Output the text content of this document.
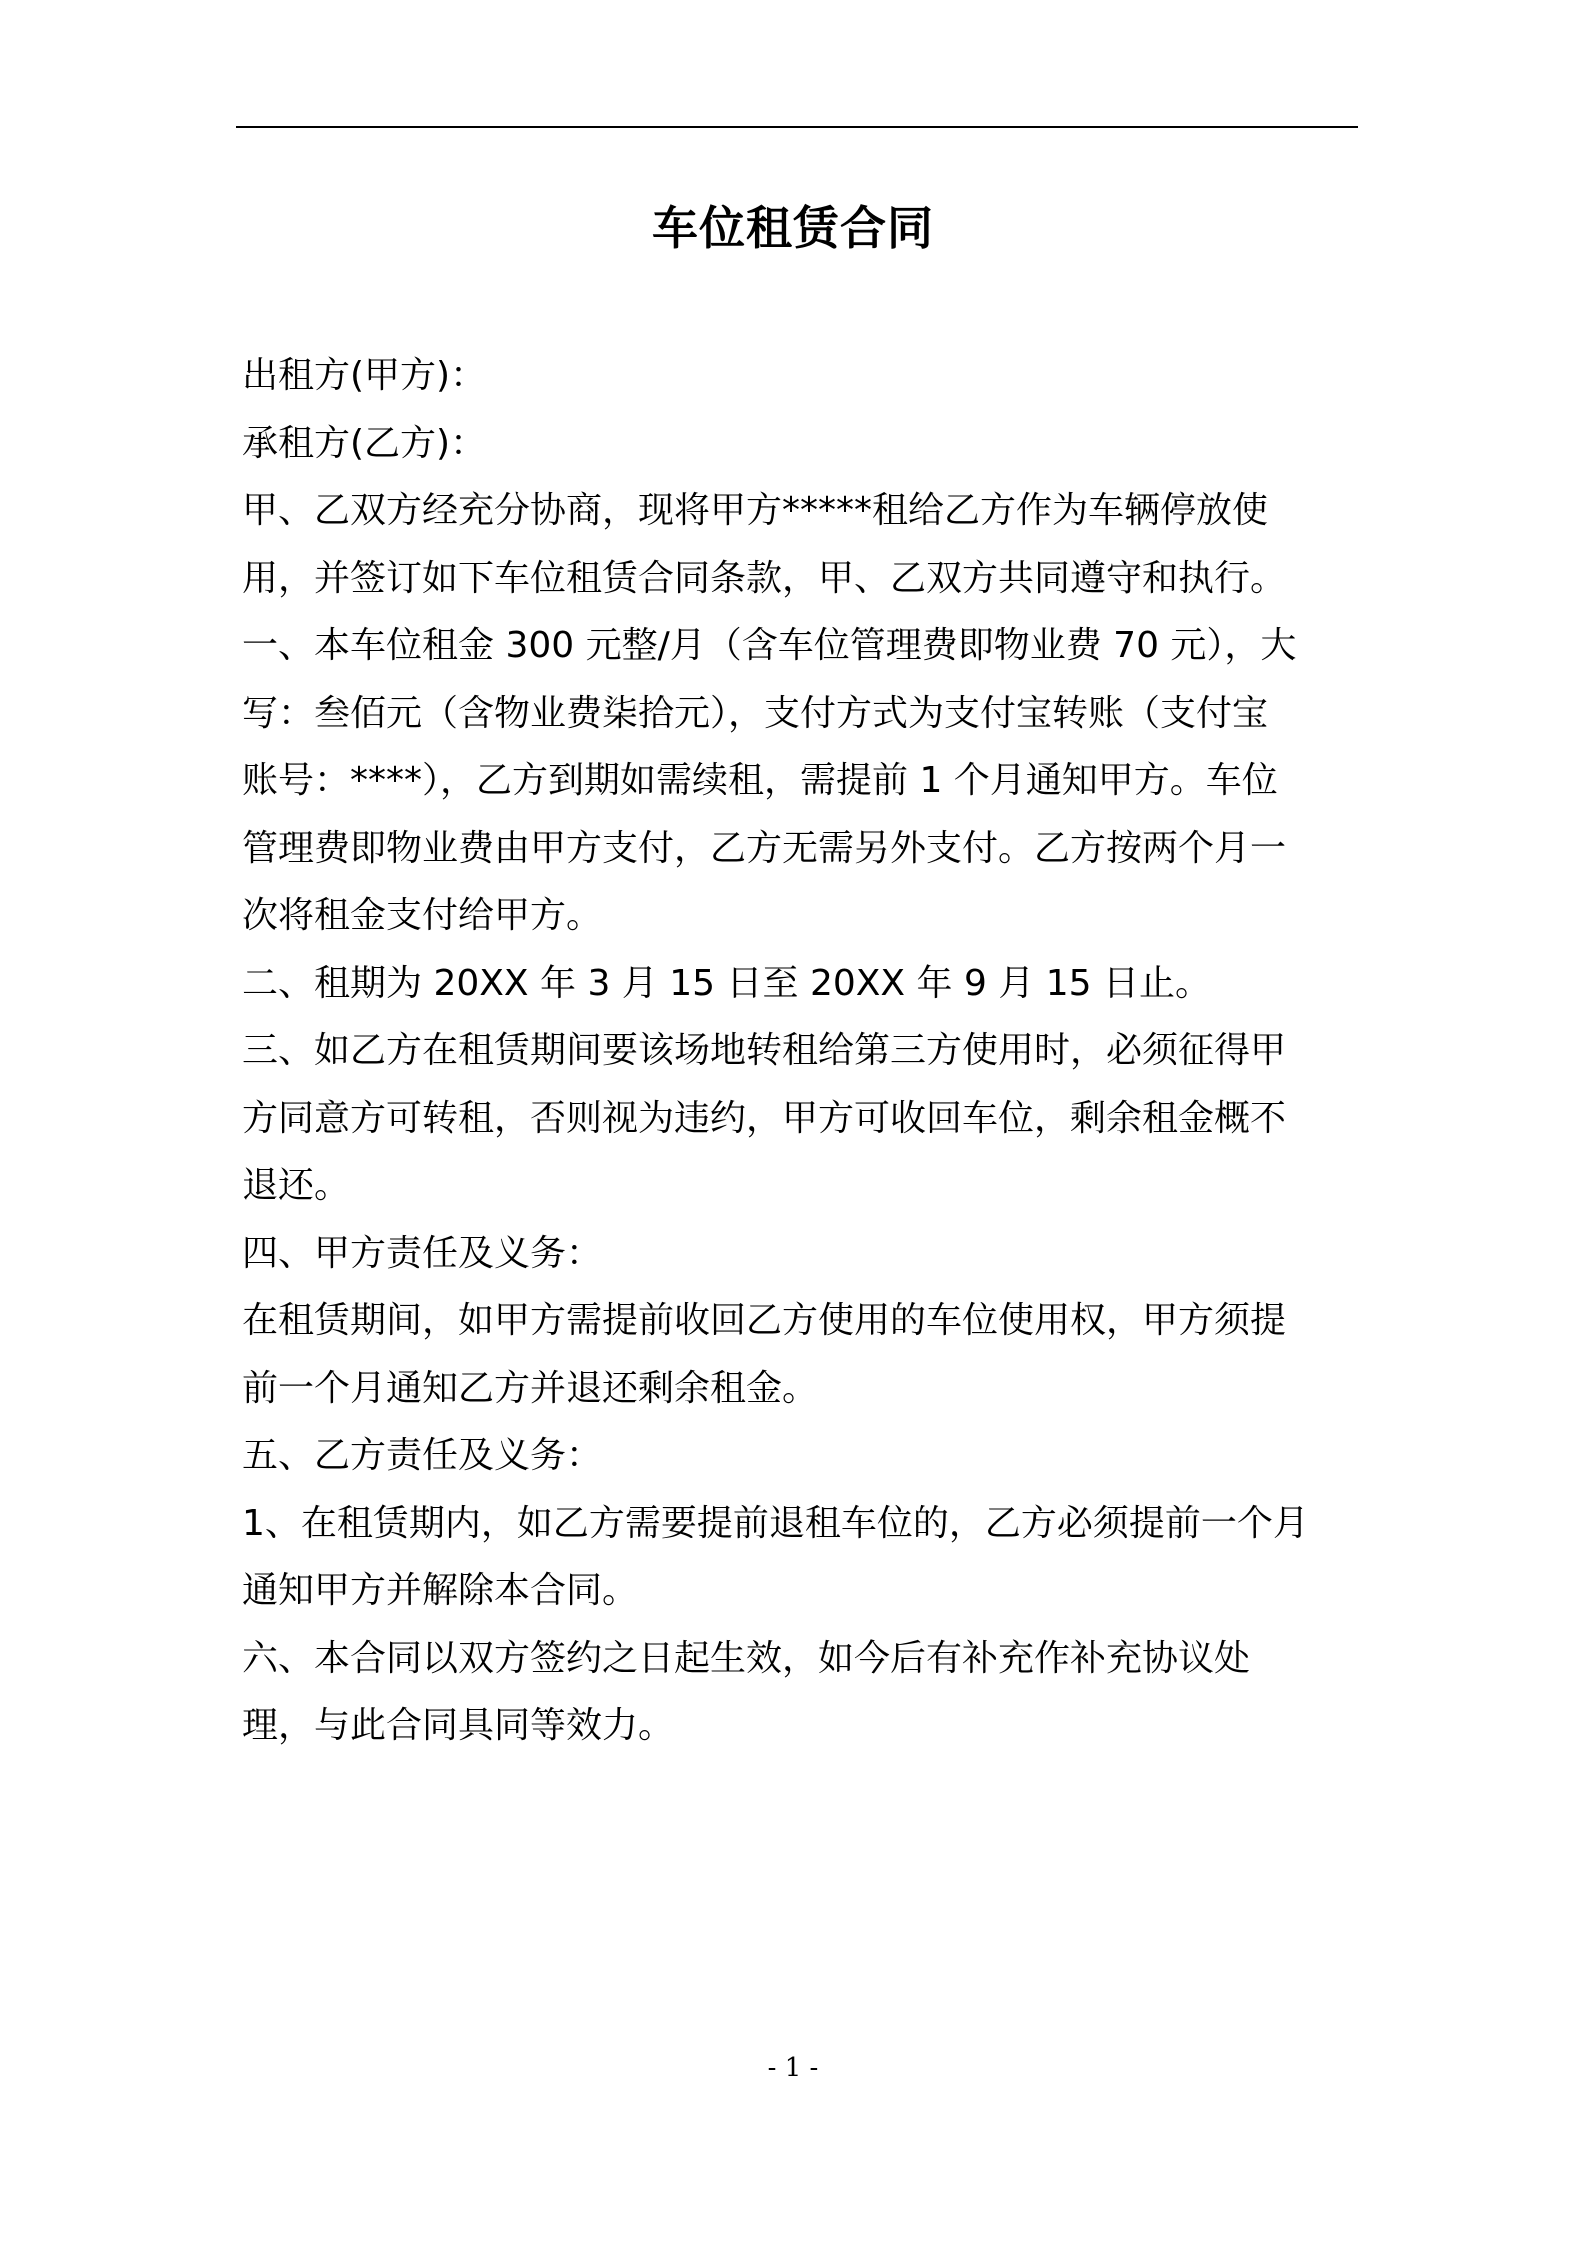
车位租赁合同
出租方(甲方)：
承租方(乙方)：
甲、乙双方经充分协商，现将甲方*****租给乙方作为车辆停放使
用，并签订如下车位租赁合同条款，甲、乙双方共同遵守和执行。
一、本车位租金 300 元整/月（含车位管理费即物业费 70 元），大
写：叁佰元（含物业费柒拾元），支付方式为支付宝转账（支付宝
账号：****），乙方到期如需续租，需提前 1 个月通知甲方。车位
管理费即物业费由甲方支付，乙方无需另外支付。乙方按两个月一
次将租金支付给甲方。
二、租期为 20XX 年 3 月 15 日至 20XX 年 9 月 15 日止。
三、如乙方在租赁期间要该场地转租给第三方使用时，必须征得甲
方同意方可转租，否则视为违约，甲方可收回车位，剩余租金概不
退还。
四、甲方责任及义务：
在租赁期间，如甲方需提前收回乙方使用的车位使用权，甲方须提
前一个月通知乙方并退还剩余租金。
五、乙方责任及义务：
1、在租赁期内，如乙方需要提前退租车位的，乙方必须提前一个月
通知甲方并解除本合同。
六、本合同以双方签约之日起生效，如今后有补充作补充协议处
理，与此合同具同等效力。
- 1 -
